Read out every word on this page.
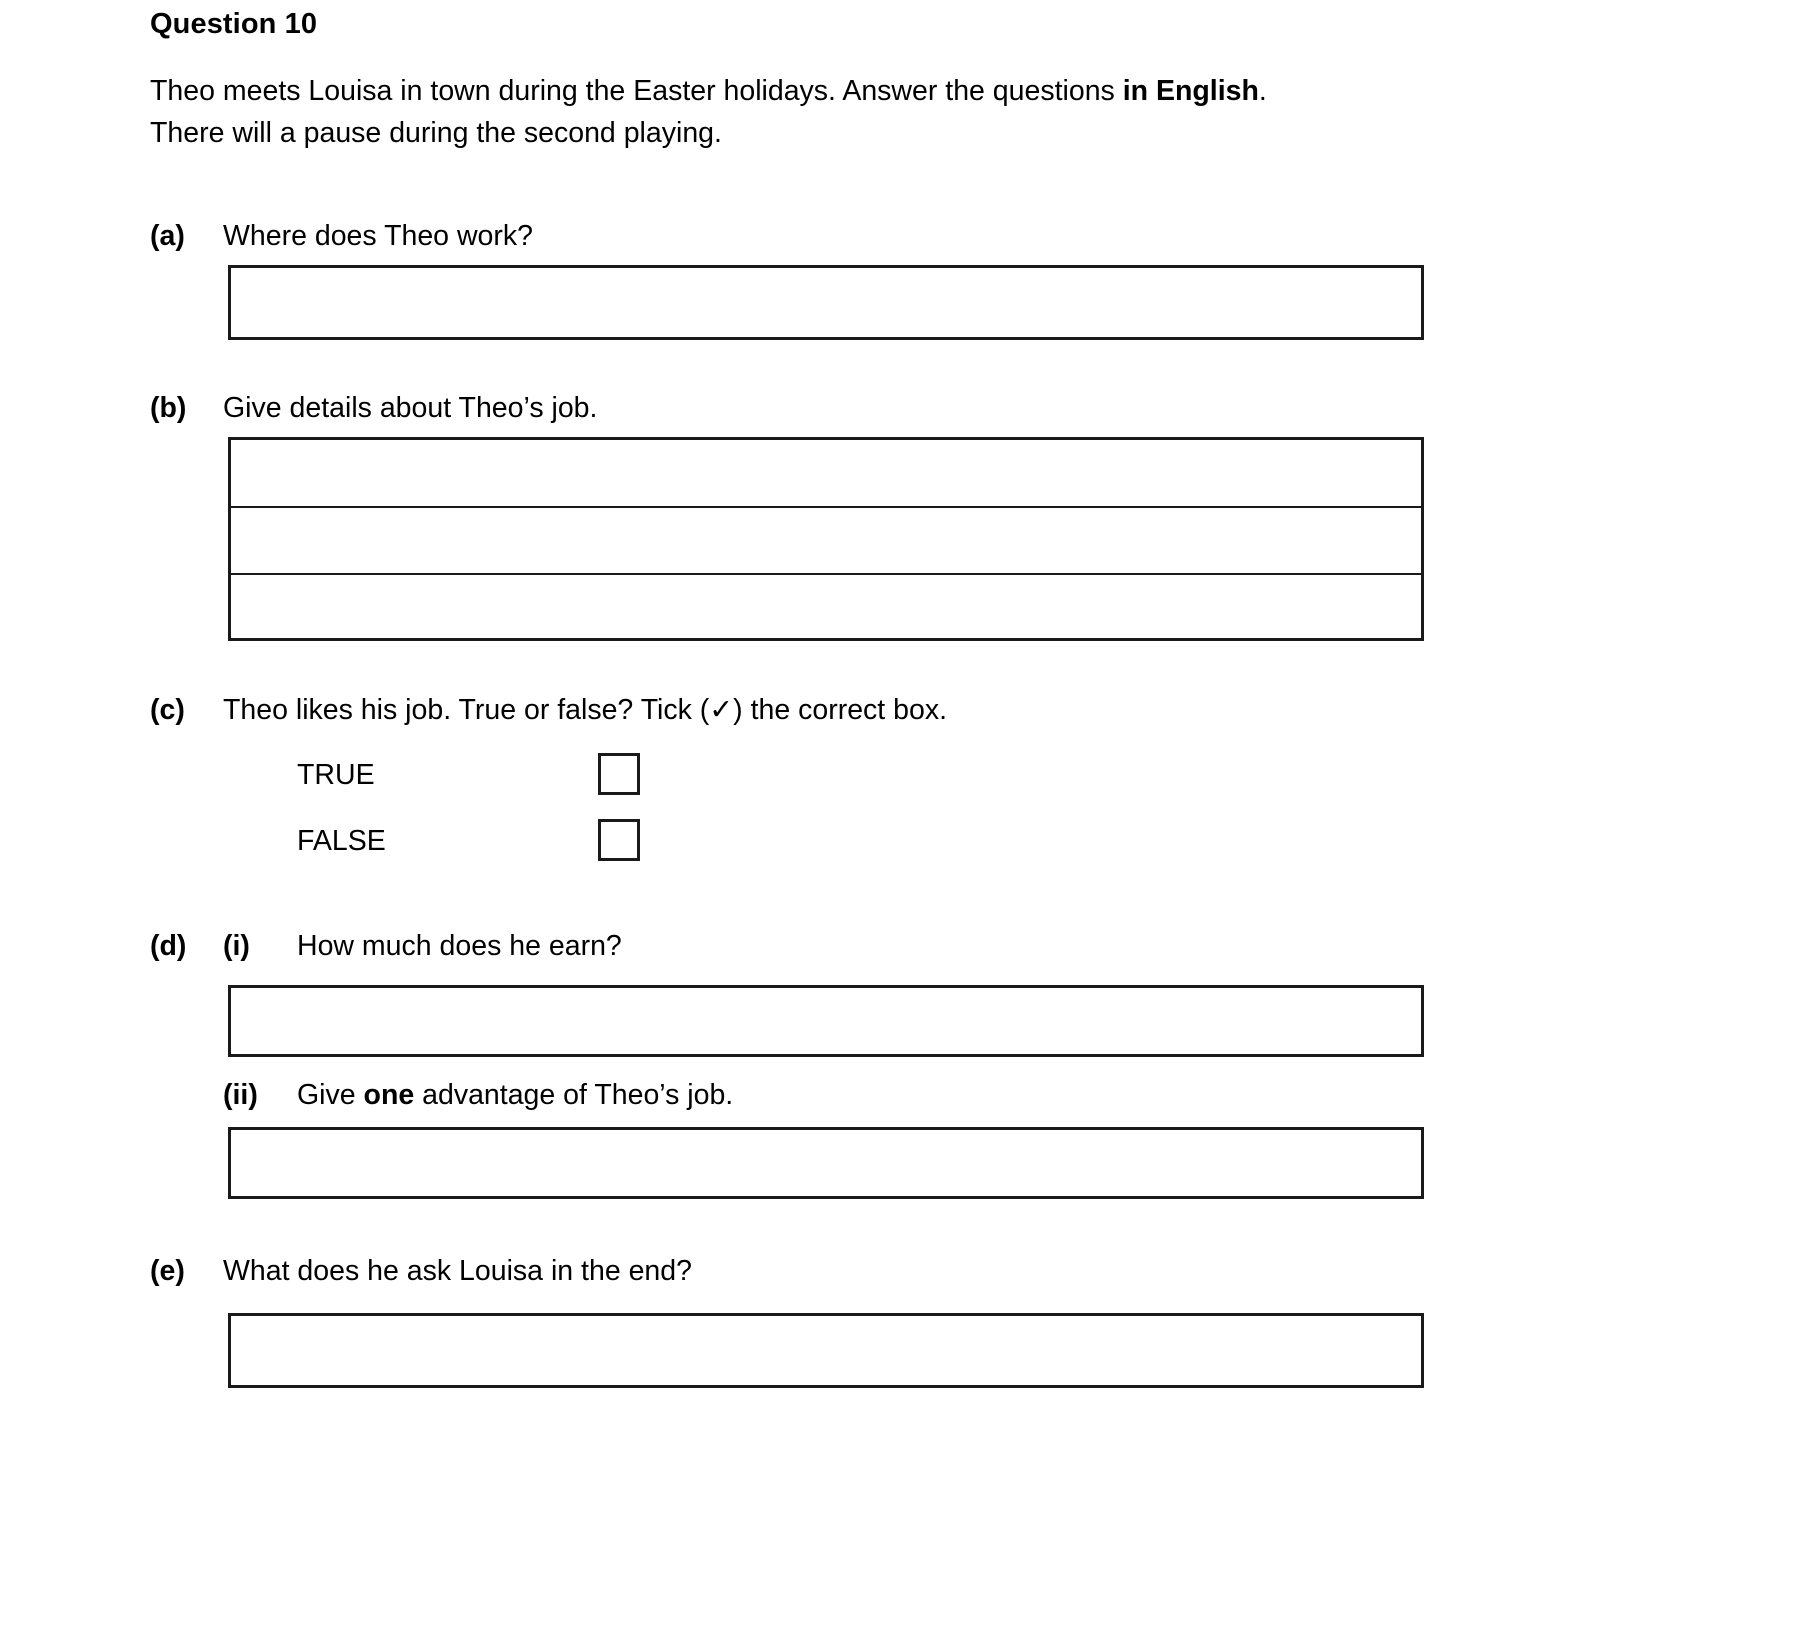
Question 10
Theo meets Louisa in town during the Easter holidays. Answer the questions in English.
There will a pause during the second playing.
(a) Where does Theo work?
(b) Give details about Theo’s job.
(c) Theo likes his job. True or false? Tick (✓) the correct box.
TRUE
FALSE
(d) (i) How much does he earn?
(ii) Give one advantage of Theo’s job.
(e) What does he ask Louisa in the end?
